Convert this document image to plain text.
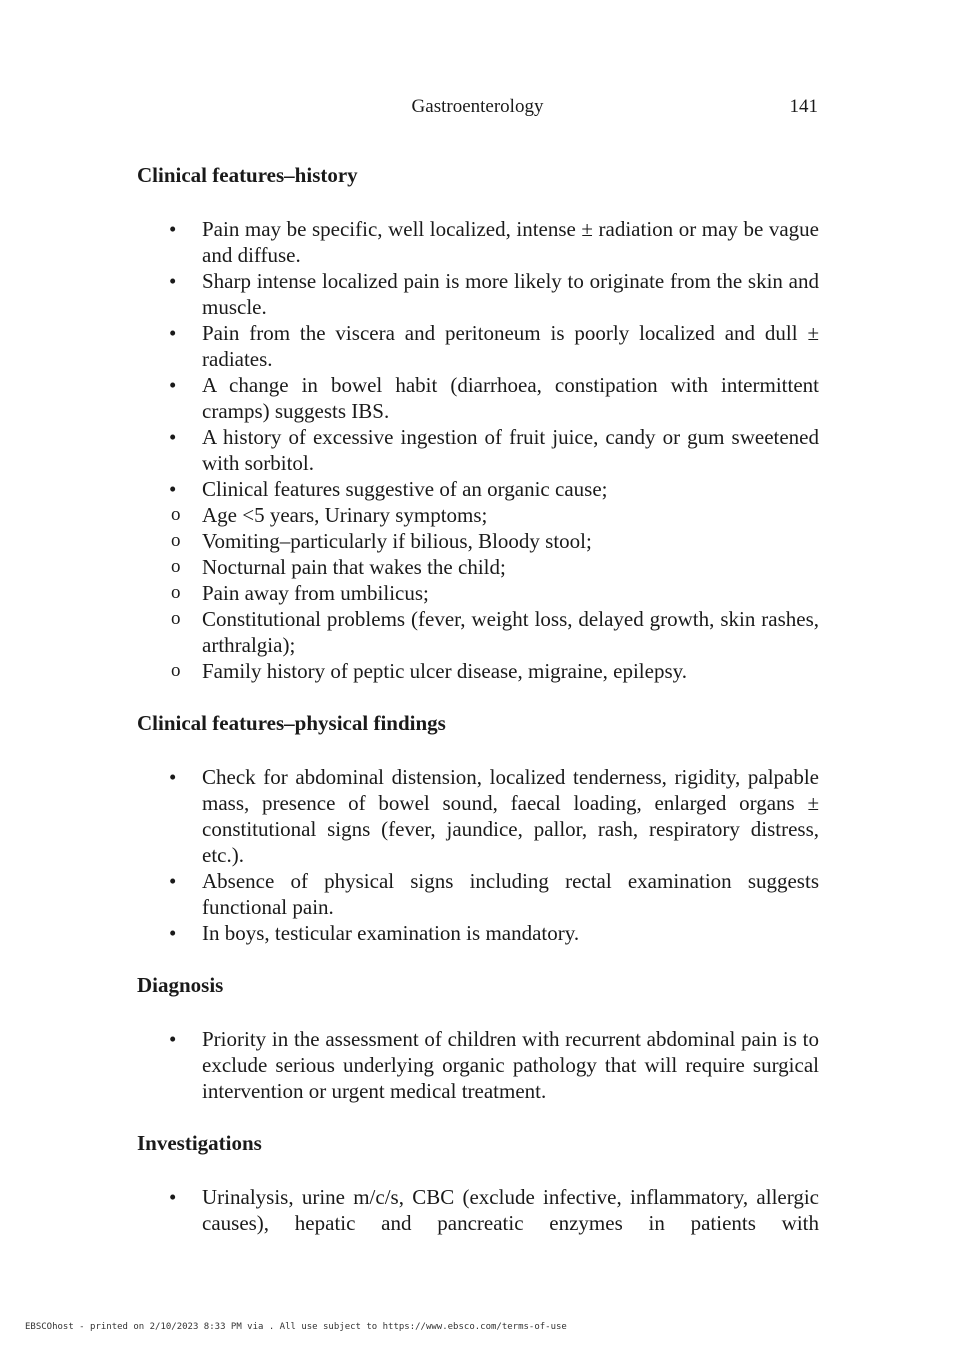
Gastroenterology	141
Clinical features–history
• Pain may be specific, well localized, intense ± radiation or may be vague and diffuse.
• Sharp intense localized pain is more likely to originate from the skin and muscle.
• Pain from the viscera and peritoneum is poorly localized and dull ± radiates.
• A change in bowel habit (diarrhoea, constipation with intermittent cramps) suggests IBS.
• A history of excessive ingestion of fruit juice, candy or gum sweetened with sorbitol.
• Clinical features suggestive of an organic cause;
o Age <5 years, Urinary symptoms;
o Vomiting–particularly if bilious, Bloody stool;
o Nocturnal pain that wakes the child;
o Pain away from umbilicus;
o Constitutional problems (fever, weight loss, delayed growth, skin rashes, arthralgia);
o Family history of peptic ulcer disease, migraine, epilepsy.
Clinical features–physical findings
• Check for abdominal distension, localized tenderness, rigidity, palpable mass, presence of bowel sound, faecal loading, enlarged organs ± constitutional signs (fever, jaundice, pallor, rash, respiratory distress, etc.).
• Absence of physical signs including rectal examination suggests functional pain.
• In boys, testicular examination is mandatory.
Diagnosis
• Priority in the assessment of children with recurrent abdominal pain is to exclude serious underlying organic pathology that will require surgical intervention or urgent medical treatment.
Investigations
• Urinalysis, urine m/c/s, CBC (exclude infective, inflammatory, allergic causes), hepatic and pancreatic enzymes in patients with
EBSCOhost - printed on 2/10/2023 8:33 PM via . All use subject to https://www.ebsco.com/terms-of-use
